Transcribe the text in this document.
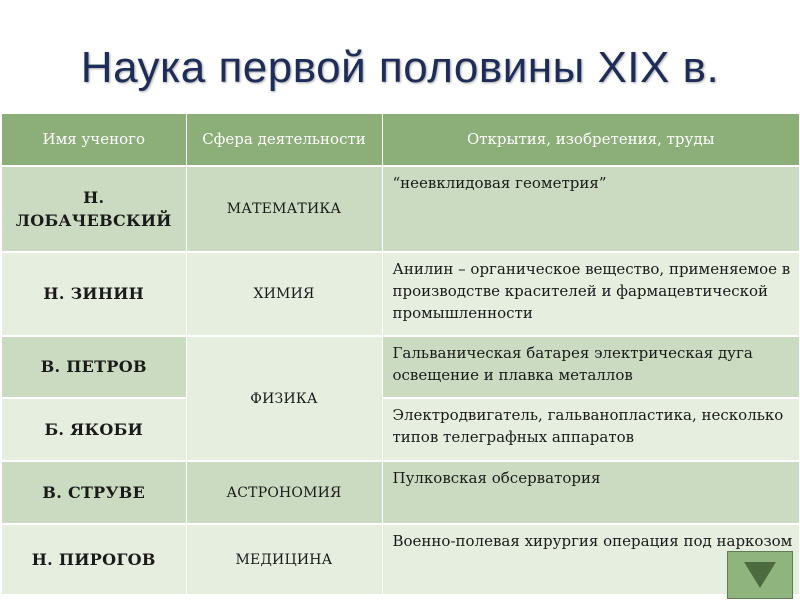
Наука первой половины XIX в.
Имя ученого	Сфера деятельности	Открытия, изобретения, труды
Н. ЛОБАЧЕВСКИЙ	МАТЕМАТИКА	“неевклидовая геометрия”
Н. ЗИНИН	ХИМИЯ	Анилин – органическое вещество, применяемое в производстве красителей и фармацевтической промышленности
В. ПЕТРОВ	ФИЗИКА	Гальваническая батарея электрическая дуга освещение и плавка металлов
Б. ЯКОБИ		Электродвигатель, гальванопластика, несколько типов телеграфных аппаратов
В. СТРУВЕ	АСТРОНОМИЯ	Пулковская обсерватория
Н. ПИРОГОВ	МЕДИЦИНА	Военно-полевая хирургия операция под наркозом
